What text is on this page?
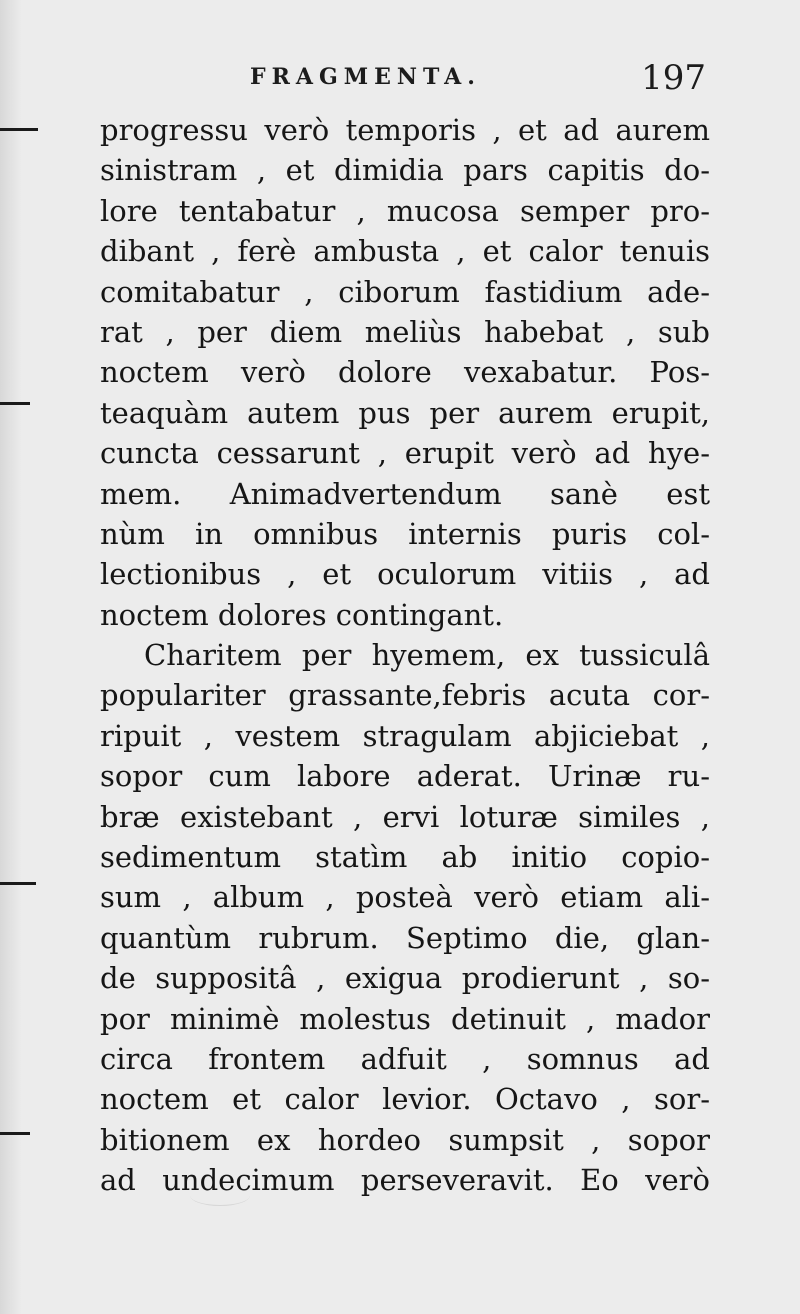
FRAGMENTA.	197
progressu verò temporis , et ad aurem
sinistram , et dimidia pars capitis do-
lore tentabatur , mucosa semper pro-
dibant , ferè ambusta , et calor tenuis
comitabatur , ciborum fastidium ade-
rat , per diem meliùs habebat , sub
noctem verò dolore vexabatur. Pos-
teaquàm autem pus per aurem erupit,
cuncta cessarunt , erupit verò ad hye-
mem. Animadvertendum sanè est
nùm in omnibus internis puris col-
lectionibus , et oculorum vitiis , ad
noctem dolores contingant.
Charitem per hyemem, ex tussiculâ
populariter grassante,febris acuta cor-
ripuit , vestem stragulam abjiciebat ,
sopor cum labore aderat. Urinæ ru-
bræ existebant , ervi loturæ similes ,
sedimentum statìm ab initio copio-
sum , album , posteà verò etiam ali-
quantùm rubrum. Septimo die, glan-
de suppositâ , exigua prodierunt , so-
por minimè molestus detinuit , mador
circa frontem adfuit , somnus ad
noctem et calor levior. Octavo , sor-
bitionem ex hordeo sumpsit , sopor
ad undecimum perseveravit. Eo verò
